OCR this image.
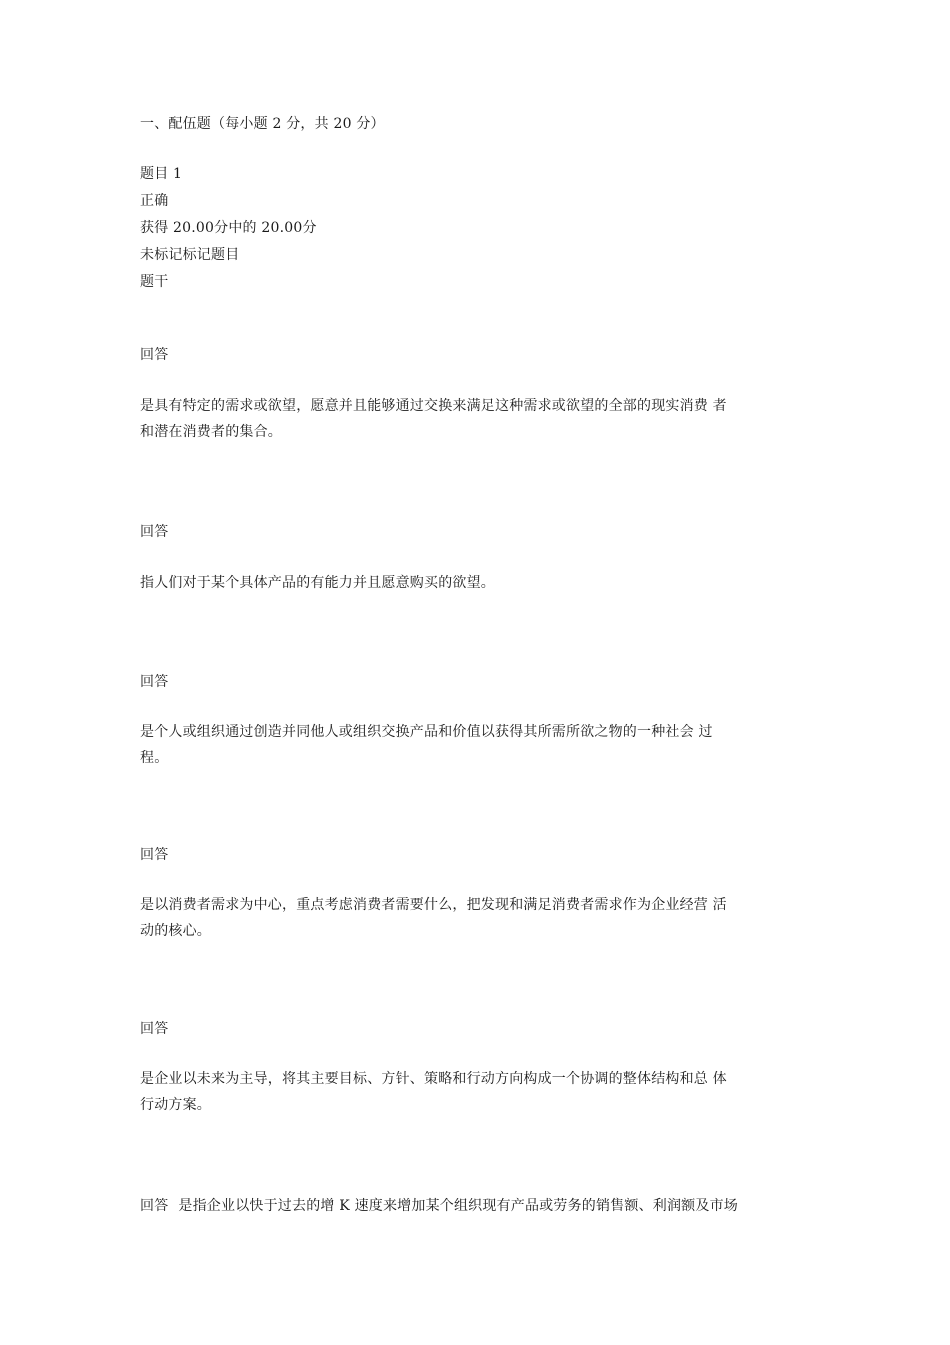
一、配伍题（每小题 2 分，共 20 分）
题目 1
正确
获得 20.00分中的 20.00分
未标记标记题目
题干
回答
是具有特定的需求或欲望，愿意并且能够通过交换来满足这种需求或欲望的全部的现实消费 者
和潜在消费者的集合。
回答
指人们对于某个具体产品的有能力并且愿意购买的欲望。
回答
是个人或组织通过创造并同他人或组织交换产品和价值以获得其所需所欲之物的一种社会 过
程。
回答
是以消费者需求为中心，重点考虑消费者需要什么，把发现和满足消费者需求作为企业经营 活
动的核心。
回答
是企业以未来为主导，将其主要目标、方针、策略和行动方向构成一个协调的整体结构和总 体
行动方案。
回答 是指企业以快于过去的增 K 速度来增加某个组织现有产品或劳务的销售额、利润额及市场
